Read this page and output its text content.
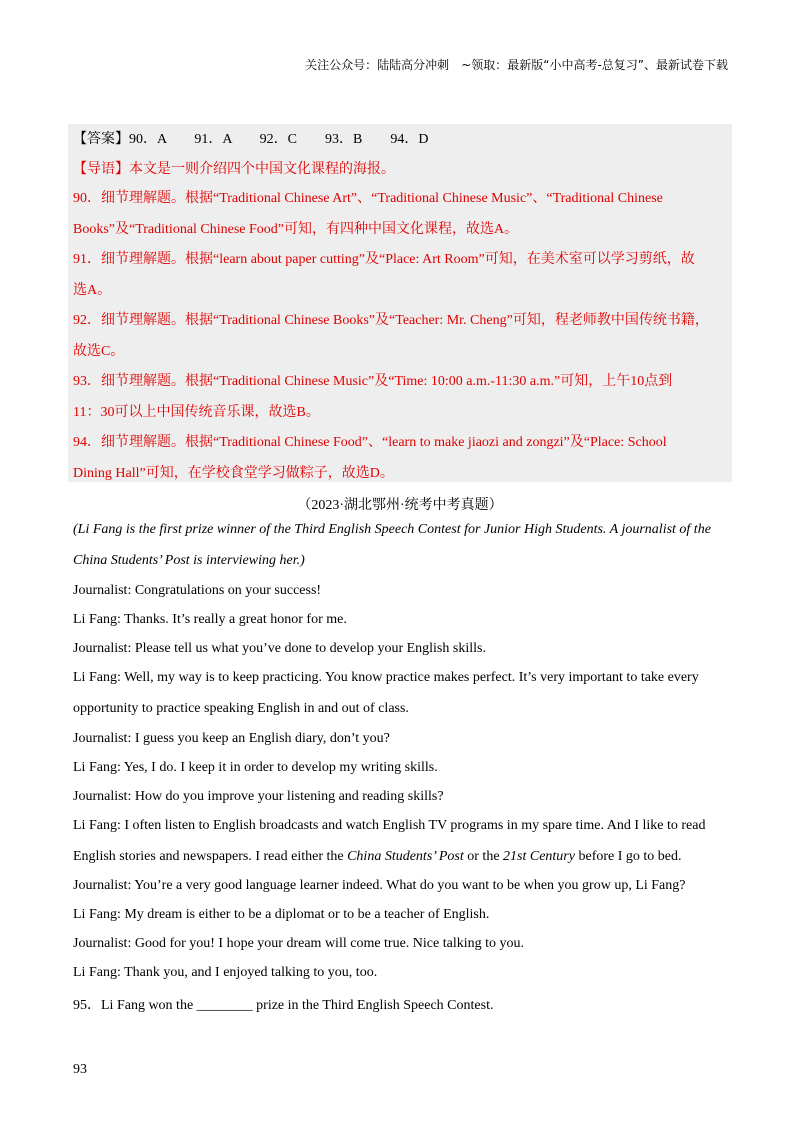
关注公众号：陆陆高分冲刺　~领取：最新版“小中高考-总复习”、最新试卷下载
【答案】90．A　　91．A　　92．C　　93．B　　94．D
【导语】本文是一则介绍四个中国文化课程的海报。
90．细节理解题。根据“Traditional Chinese Art”、“Traditional Chinese Music”、“Traditional Chinese
Books”及“Traditional Chinese Food”可知，有四种中国文化课程，故选A。
91．细节理解题。根据“learn about paper cutting”及“Place: Art Room”可知，在美术室可以学习剪纸，故
选A。
92．细节理解题。根据“Traditional Chinese Books”及“Teacher: Mr. Cheng”可知，程老师教中国传统书籍，
故选C。
93．细节理解题。根据“Traditional Chinese Music”及“Time: 10:00 a.m.-11:30 a.m.”可知，上午10点到
11：30可以上中国传统音乐课，故选B。
94．细节理解题。根据“Traditional Chinese Food”、“learn to make jiaozi and zongzi”及“Place: School
Dining Hall”可知，在学校食堂学习做粽子，故选D。
（2023·湖北鄂州·统考中考真题）
(Li Fang is the first prize winner of the Third English Speech Contest for Junior High Students. A journalist of the
China Students’ Post is interviewing her.)
Journalist: Congratulations on your success!
Li Fang: Thanks. It’s really a great honor for me.
Journalist: Please tell us what you’ve done to develop your English skills.
Li Fang: Well, my way is to keep practicing. You know practice makes perfect. It’s very important to take every
opportunity to practice speaking English in and out of class.
Journalist: I guess you keep an English diary, don’t you?
Li Fang: Yes, I do. I keep it in order to develop my writing skills.
Journalist: How do you improve your listening and reading skills?
Li Fang: I often listen to English broadcasts and watch English TV programs in my spare time. And I like to read
English stories and newspapers. I read either the China Students’ Post or the 21st Century before I go to bed.
Journalist: You’re a very good language learner indeed. What do you want to be when you grow up, Li Fang?
Li Fang: My dream is either to be a diplomat or to be a teacher of English.
Journalist: Good for you! I hope your dream will come true. Nice talking to you.
Li Fang: Thank you, and I enjoyed talking to you, too.
95．Li Fang won the ________ prize in the Third English Speech Contest.
93
